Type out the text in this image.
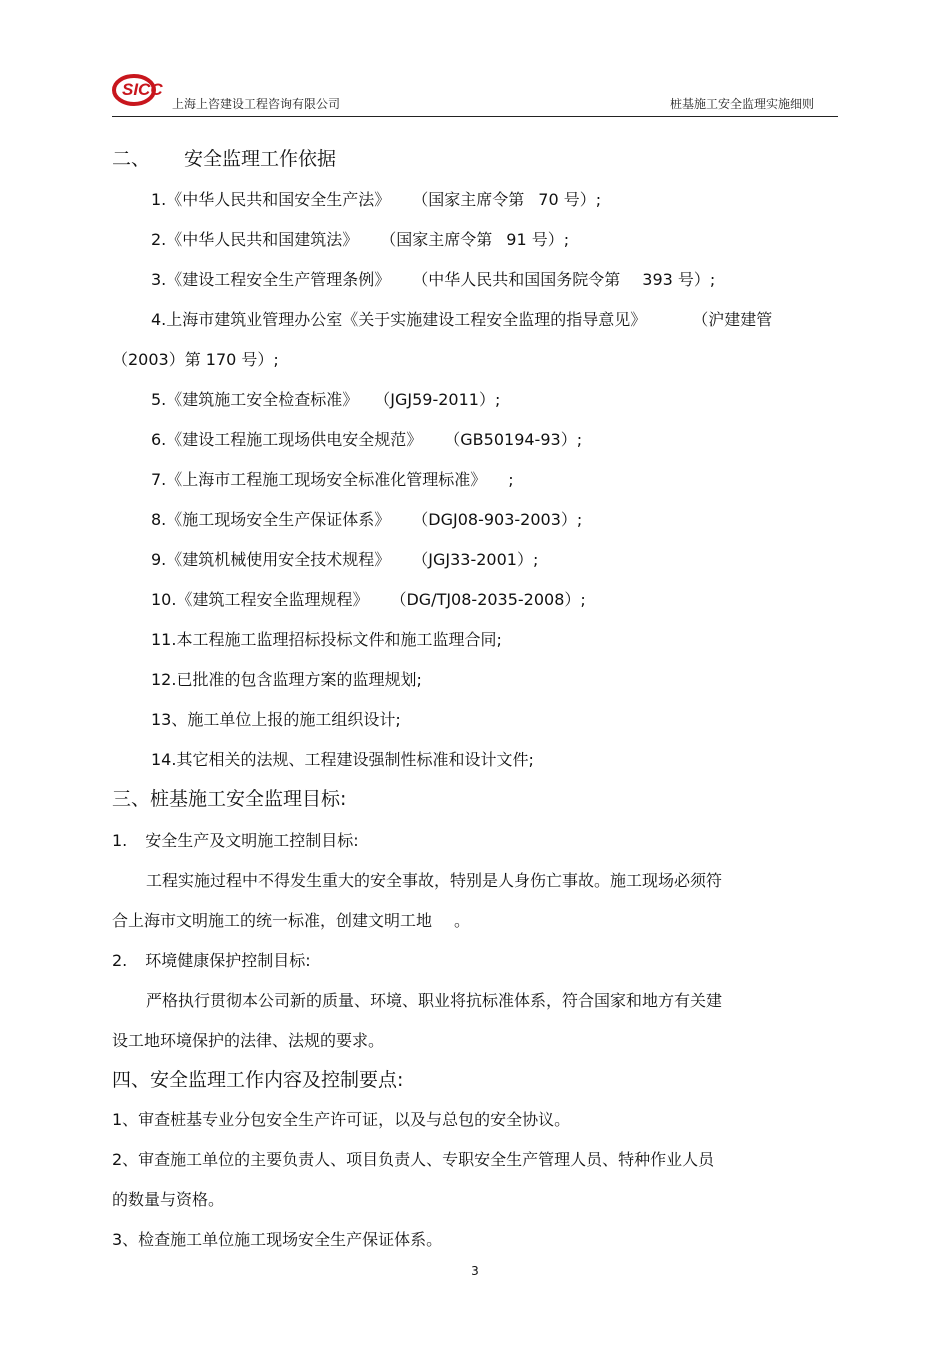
SICC
上海上咨建设工程咨询有限公司	桩基施工安全监理实施细则
二、 安全监理工作依据
1.《中华人民共和国安全生产法》 （国家主席令第 70 号）;
2.《中华人民共和国建筑法》 （国家主席令第 91 号）;
3.《建设工程安全生产管理条例》 （中华人民共和国国务院令第 393 号）;
4.上海市建筑业管理办公室《关于实施建设工程安全监理的指导意见》	（沪建建管
（2003）第 170 号）;
5.《建筑施工安全检查标准》 （JGJ59-2011）;
6.《建设工程施工现场供电安全规范》 （GB50194-93）;
7.《上海市工程施工现场安全标准化管理标准》 ;
8.《施工现场安全生产保证体系》 （DGJ08-903-2003）;
9.《建筑机械使用安全技术规程》 （JGJ33-2001）;
10.《建筑工程安全监理规程》 （DG/TJ08-2035-2008）;
11.本工程施工监理招标投标文件和施工监理合同;
12.已批准的包含监理方案的监理规划;
13、施工单位上报的施工组织设计;
14.其它相关的法规、工程建设强制性标准和设计文件;
三、桩基施工安全监理目标:
1. 安全生产及文明施工控制目标:
工程实施过程中不得发生重大的安全事故，特别是人身伤亡事故。施工现场必须符
合上海市文明施工的统一标准，创建文明工地 。
2. 环境健康保护控制目标:
严格执行贯彻本公司新的质量、环境、职业将抗标准体系，符合国家和地方有关建
设工地环境保护的法律、法规的要求。
四、安全监理工作内容及控制要点:
1、审查桩基专业分包安全生产许可证，以及与总包的安全协议。
2、审查施工单位的主要负责人、项目负责人、专职安全生产管理人员、特种作业人员
的数量与资格。
3、检查施工单位施工现场安全生产保证体系。
3
